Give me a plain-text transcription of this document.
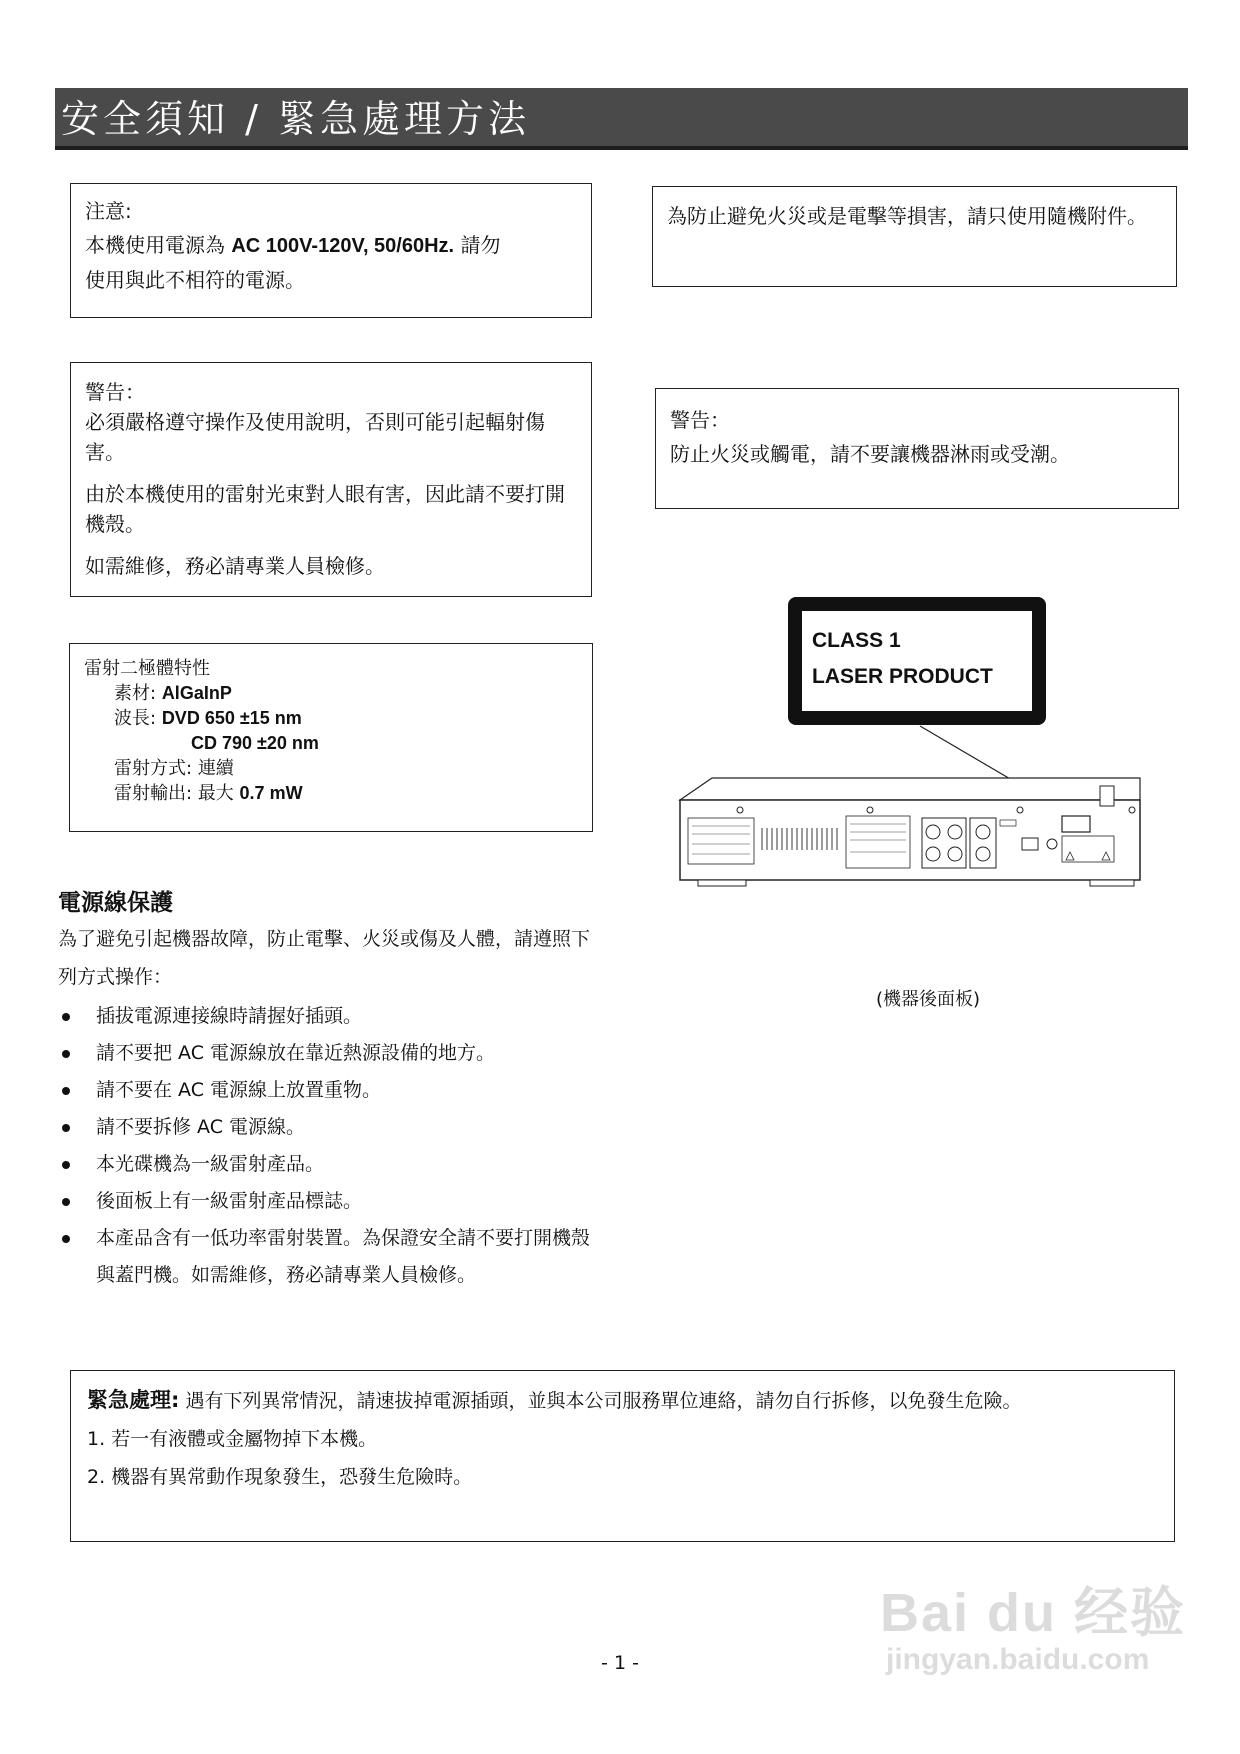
安全須知 / 緊急處理方法

注意:

本機使用電源為 AC 100V-120V, 50/60Hz. 請勿

使用與此不相符的電源。

為防止避免火災或是電擊等損害，請只使用隨機附件。

警告：

必須嚴格遵守操作及使用說明，否則可能引起輻射傷害。

由於本機使用的雷射光束對人眼有害，因此請不要打開機殼。

如需維修，務必請專業人員檢修。

警告：

防止火災或觸電，請不要讓機器淋雨或受潮。

雷射二極體特性
素材: AlGaInP
波長: DVD 650 ±15 nm
CD 790 ±20 nm
雷射方式: 連續
雷射輸出: 最大 0.7 mW
CLASS 1
LASER PRODUCT
(機器後面板)
電源線保護
為了避免引起機器故障，防止電擊、火災或傷及人體，請遵照下列方式操作：
插拔電源連接線時請握好插頭。
請不要把 AC 電源線放在靠近熱源設備的地方。
請不要在 AC 電源線上放置重物。
請不要拆修 AC 電源線。
本光碟機為一級雷射產品。
後面板上有一級雷射產品標誌。
本產品含有一低功率雷射裝置。為保證安全請不要打開機殼與蓋門機。如需維修，務必請專業人員檢修。
緊急處理: 遇有下列異常情況，請速拔掉電源插頭，並與本公司服務單位連絡，請勿自行拆修，以免發生危險。
1. 若一有液體或金屬物掉下本機。
2. 機器有異常動作現象發生，恐發生危險時。
- 1 -
Bai du 经验
jingyan.baidu.com
